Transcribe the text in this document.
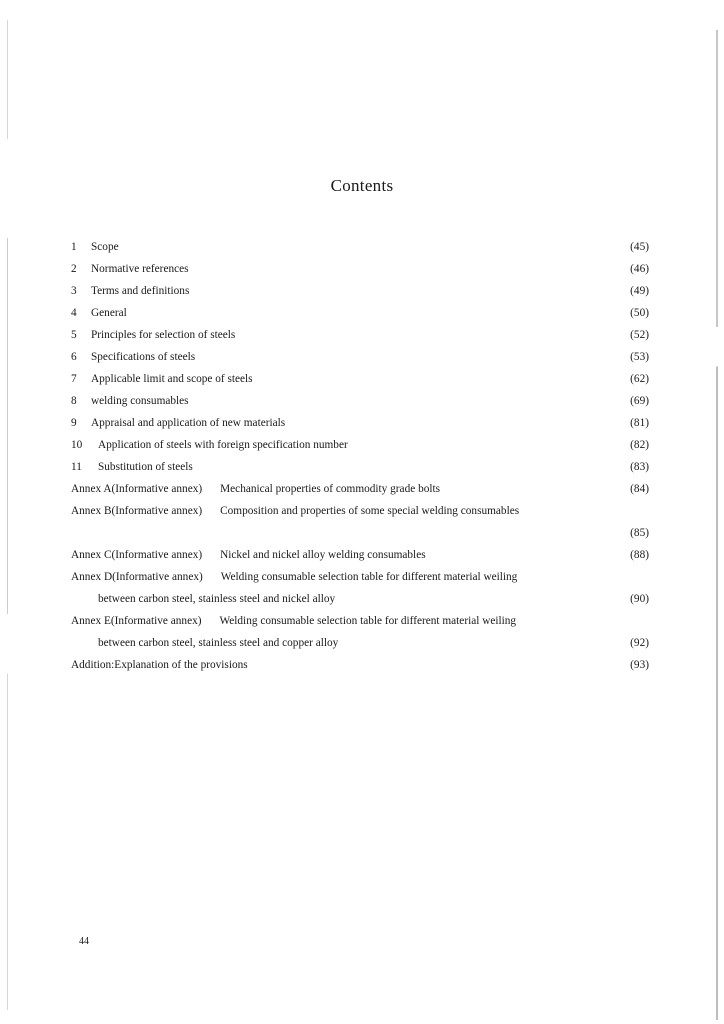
Contents
1	Scope	(45)
2	Normative references	(46)
3	Terms and definitions	(49)
4	General	(50)
5	Principles for selection of steels	(52)
6	Specifications of steels	(53)
7	Applicable limit and scope of steels	(62)
8	welding consumables	(69)
9	Appraisal and application of new materials	(81)
10	Application of steels with foreign specification number	(82)
11	Substitution of steels	(83)
Annex A(Informative annex)	Mechanical properties of commodity grade bolts	(84)
Annex B(Informative annex)	Composition and properties of some special welding consumables
(85)
Annex C(Informative annex)	Nickel and nickel alloy welding consumables	(88)
Annex D(Informative annex)	Welding consumable selection table for different material weiling
between carbon steel, stainless steel and nickel alloy	(90)
Annex E(Informative annex)	Welding consumable selection table for different material weiling
between carbon steel, stainless steel and copper alloy	(92)
Addition:Explanation of the provisions	(93)
44
